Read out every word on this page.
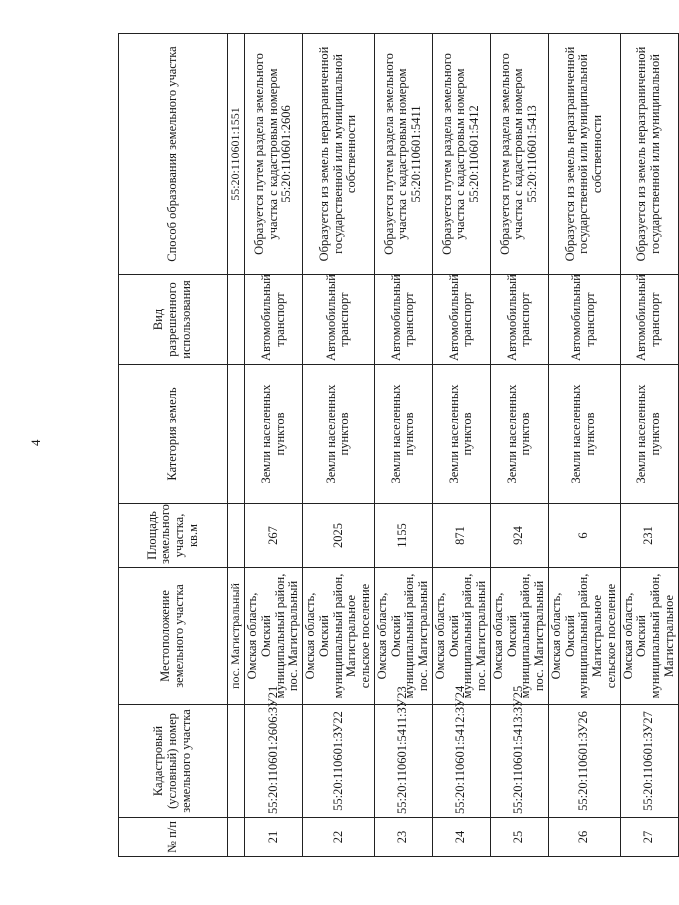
4
№ п/п	Кадастровый (условный) номер земельного участка	Местоположение земельного участка	Площадь земельного участка, кв.м	Категория земель	Вид разрешенного использования	Способ образования земельного участка
		пос. Магистральный				55:20:110601:1551
21	55:20:110601:2606:ЗУ21	Омская область, Омский муниципальный район, пос. Магистральный	267	Земли населенных пунктов	Автомобильный транспорт	Образуется путем раздела земельного участка с кадастровым номером 55:20:110601:2606
22	55:20:110601:ЗУ22	Омская область, Омский муниципальный район, Магистральное сельское поселение	2025	Земли населенных пунктов	Автомобильный транспорт	Образуется из земель неразграниченной государственной или муниципальной собственности
23	55:20:110601:5411:ЗУ23	Омская область, Омский муниципальный район, пос. Магистральный	1155	Земли населенных пунктов	Автомобильный транспорт	Образуется путем раздела земельного участка с кадастровым номером 55:20:110601:5411
24	55:20:110601:5412:ЗУ24	Омская область, Омский муниципальный район, пос. Магистральный	871	Земли населенных пунктов	Автомобильный транспорт	Образуется путем раздела земельного участка с кадастровым номером 55:20:110601:5412
25	55:20:110601:5413:ЗУ25	Омская область, Омский муниципальный район, пос. Магистральный	924	Земли населенных пунктов	Автомобильный транспорт	Образуется путем раздела земельного участка с кадастровым номером 55:20:110601:5413
26	55:20:110601:ЗУ26	Омская область, Омский муниципальный район, Магистральное сельское поселение	6	Земли населенных пунктов	Автомобильный транспорт	Образуется из земель неразграниченной государственной или муниципальной собственности
27	55:20:110601:ЗУ27	Омская область, Омский муниципальный район, Магистральное	231	Земли населенных пунктов	Автомобильный транспорт	Образуется из земель неразграниченной государственной или муниципальной
